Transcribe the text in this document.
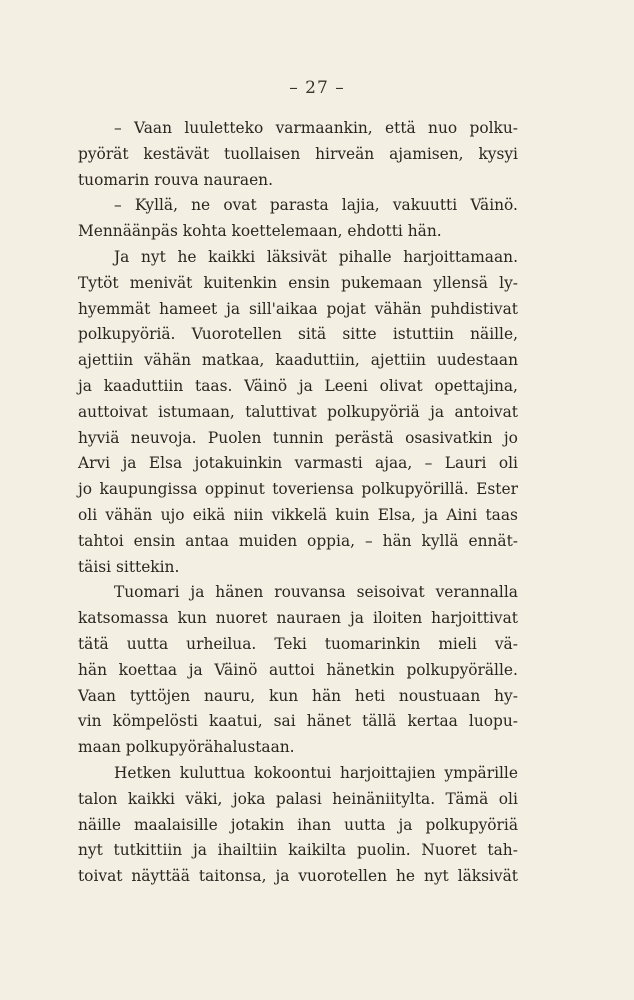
– 27 –
– Vaan luuletteko varmaankin, että nuo polku-
pyörät kestävät tuollaisen hirveän ajamisen, kysyi
tuomarin rouva nauraen.
– Kyllä, ne ovat parasta lajia, vakuutti Väinö.
Mennäänpäs kohta koettelemaan, ehdotti hän.
Ja nyt he kaikki läksivät pihalle harjoittamaan.
Tytöt menivät kuitenkin ensin pukemaan yllensä ly-
hyemmät hameet ja sill'aikaa pojat vähän puhdistivat
polkupyöriä. Vuorotellen sitä sitte istuttiin näille,
ajettiin vähän matkaa, kaaduttiin, ajettiin uudestaan
ja kaaduttiin taas. Väinö ja Leeni olivat opettajina,
auttoivat istumaan, taluttivat polkupyöriä ja antoivat
hyviä neuvoja. Puolen tunnin perästä osasivatkin jo
Arvi ja Elsa jotakuinkin varmasti ajaa, – Lauri oli
jo kaupungissa oppinut toveriensa polkupyörillä. Ester
oli vähän ujo eikä niin vikkelä kuin Elsa, ja Aini taas
tahtoi ensin antaa muiden oppia, – hän kyllä ennät-
täisi sittekin.
Tuomari ja hänen rouvansa seisoivat verannalla
katsomassa kun nuoret nauraen ja iloiten harjoittivat
tätä uutta urheilua. Teki tuomarinkin mieli vä-
hän koettaa ja Väinö auttoi hänetkin polkupyörälle.
Vaan tyttöjen nauru, kun hän heti noustuaan hy-
vin kömpelösti kaatui, sai hänet tällä kertaa luopu-
maan polkupyörähalustaan.
Hetken kuluttua kokoontui harjoittajien ympärille
talon kaikki väki, joka palasi heinäniitylta. Tämä oli
näille maalaisille jotakin ihan uutta ja polkupyöriä
nyt tutkittiin ja ihailtiin kaikilta puolin. Nuoret tah-
toivat näyttää taitonsa, ja vuorotellen he nyt läksivät
